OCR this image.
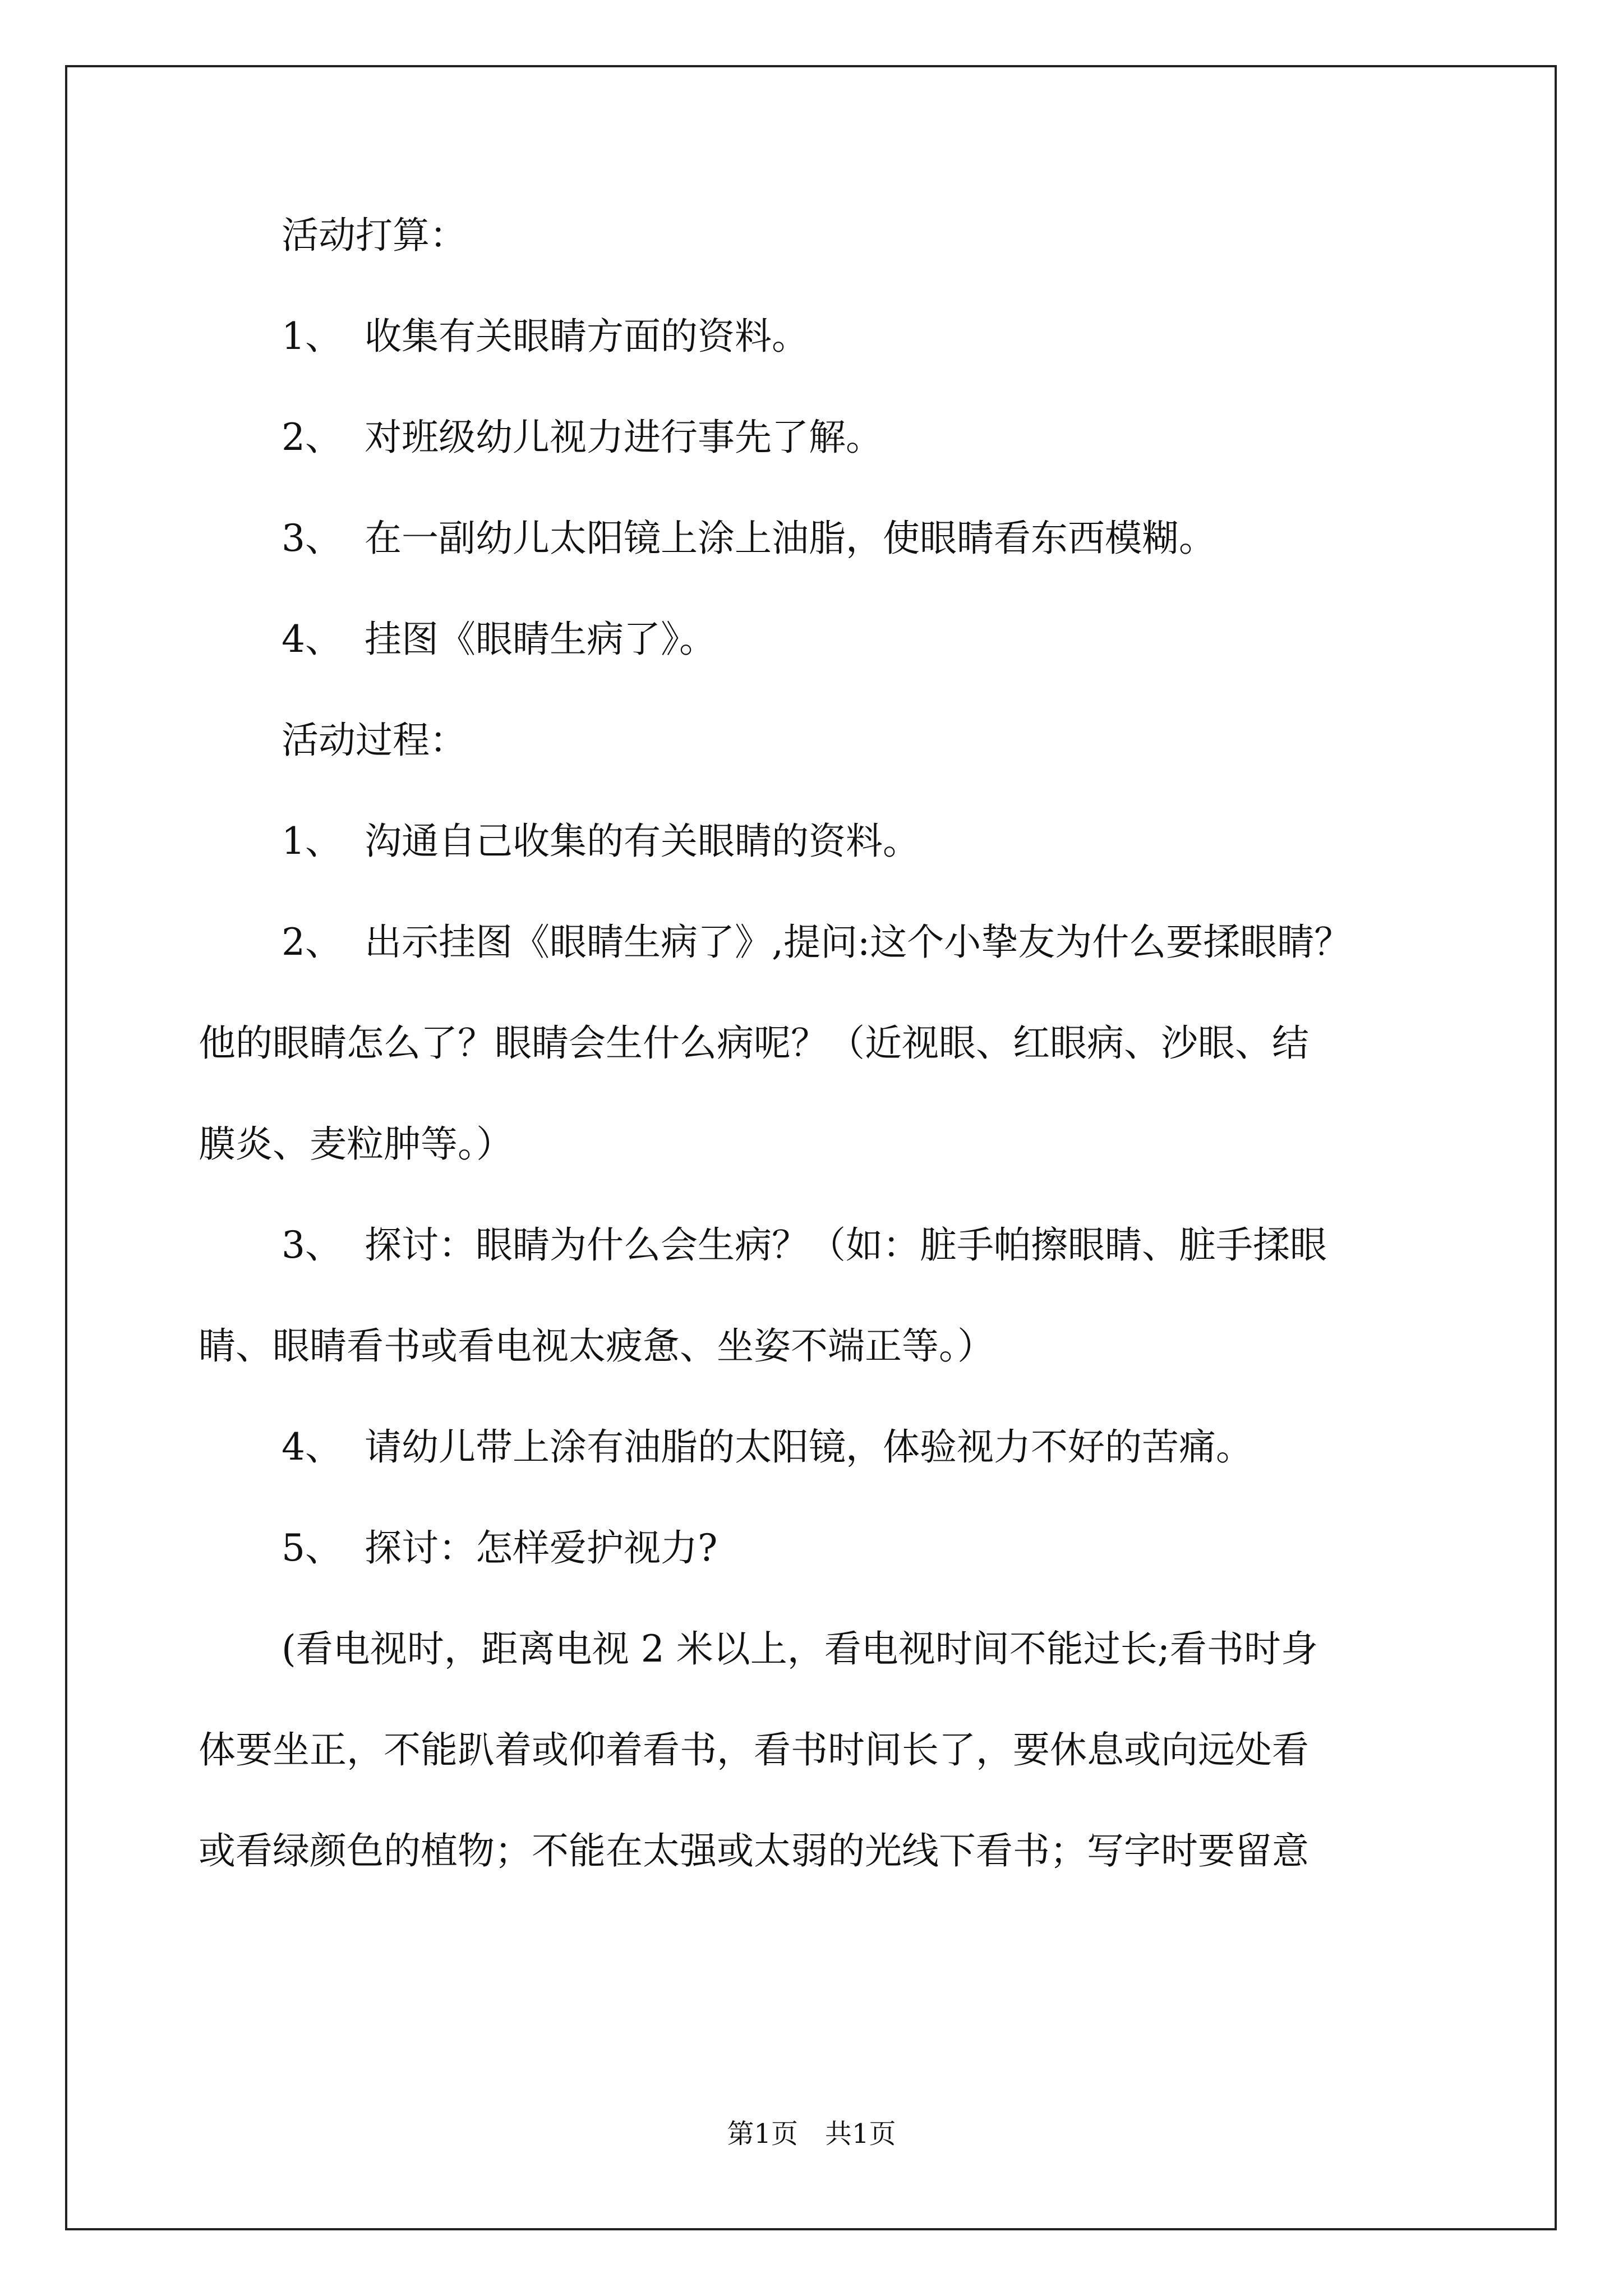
活动打算：
1、 收集有关眼睛方面的资料。
2、 对班级幼儿视力进行事先了解。
3、 在一副幼儿太阳镜上涂上油脂，使眼睛看东西模糊。
4、 挂图《眼睛生病了》。
活动过程：
1、 沟通自己收集的有关眼睛的资料。
2、 出示挂图《眼睛生病了》,提问:这个小挚友为什么要揉眼睛？
他的眼睛怎么了？眼睛会生什么病呢？（近视眼、红眼病、沙眼、结
膜炎、麦粒肿等。）
3、 探讨：眼睛为什么会生病？（如：脏手帕擦眼睛、脏手揉眼
睛、眼睛看书或看电视太疲惫、坐姿不端正等。）
4、 请幼儿带上涂有油脂的太阳镜，体验视力不好的苦痛。
5、 探讨：怎样爱护视力?
(看电视时，距离电视 2 米以上，看电视时间不能过长;看书时身
体要坐正，不能趴着或仰着看书，看书时间长了，要休息或向远处看
或看绿颜色的植物；不能在太强或太弱的光线下看书；写字时要留意
第1页　共1页
